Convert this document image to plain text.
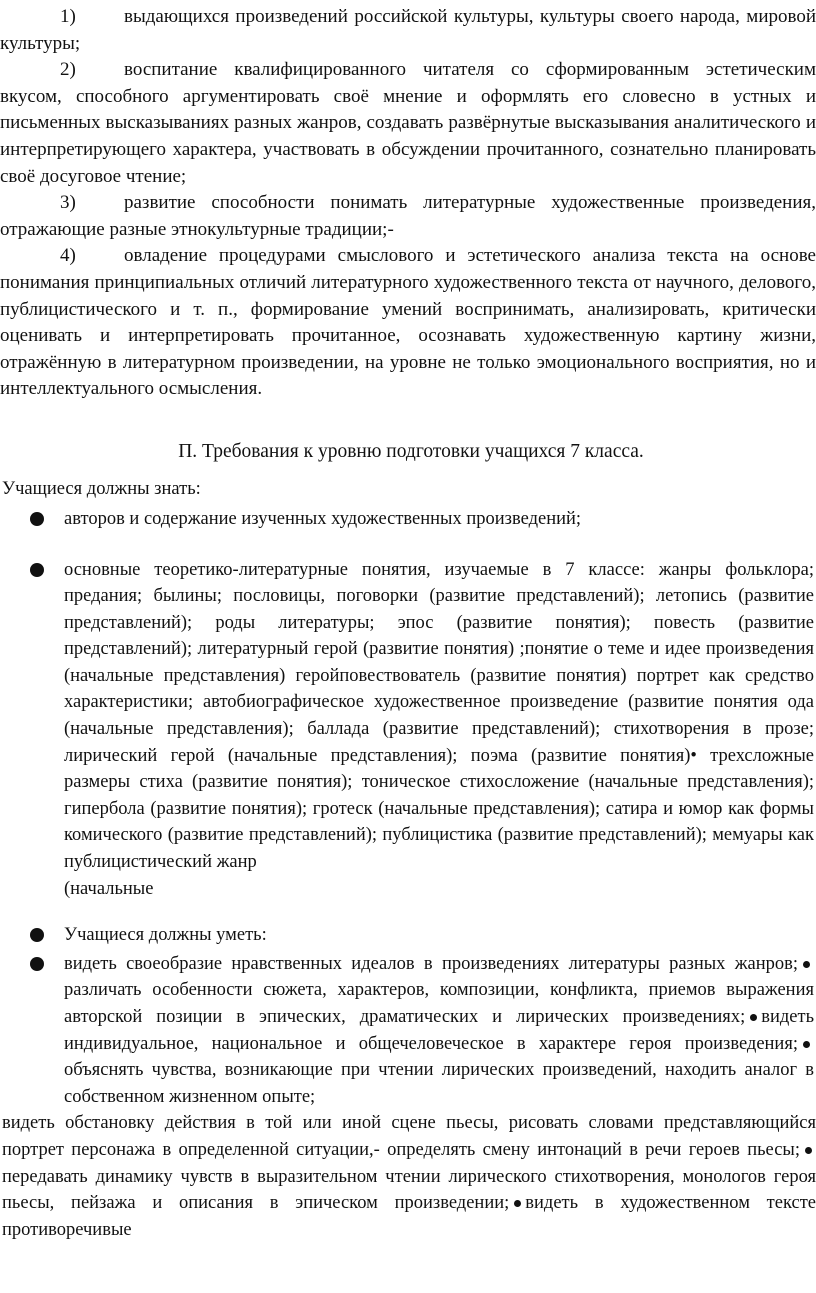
1)	выдающихся произведений российской культуры, культуры своего народа, мировой культуры;

2)	воспитание квалифицированного читателя со сформированным эстетическим вкусом, способного аргументировать своё мнение и оформлять его словесно в устных и письменных высказываниях разных жанров, создавать развёрнутые высказывания аналитического и интерпретирующего характера, участвовать в обсуждении прочитанного, сознательно планировать своё досуговое чтение;

3)	развитие способности понимать литературные художественные произведения, отражающие разные этнокультурные традиции;-

4)	овладение процедурами смыслового и эстетического анализа текста на основе понимания принципиальных отличий литературного художественного текста от научного, делового, публицистического и т. п., формирование умений воспринимать, анализировать, критически оценивать и интерпретировать прочитанное, осознавать художественную картину жизни, отражённую в литературном произведении, на уровне не только эмоционального восприятия, но и интеллектуального осмысления.

П. Требования к уровню подготовки учащихся 7 класса.
Учащиеся должны знать:

авторов и содержание изученных художественных произведений;

основные теоретико-литературные понятия, изучаемые в 7 классе: жанры фольклора; предания; былины; пословицы, поговорки (развитие представлений); летопись (развитие представлений); роды литературы; эпос (развитие понятия); повесть (развитие представлений); литературный герой (развитие понятия) ;понятие о теме и идее произведения (начальные представления) геройповествователь (развитие понятия) портрет как средство характеристики; автобиографическое художественное произведение (развитие понятия ода (начальные представления); баллада (развитие представлений); стихотворения в прозе; лирический герой (начальные представления); поэма (развитие понятия)• трехсложные размеры стиха (развитие понятия); тоническое стихосложение (начальные представления); гипербола (развитие понятия); гротеск (начальные представления); сатира и юмор как формы комического (развитие представлений); публицистика (развитие представлений); мемуары как публицистический жанр
(начальные

Учащиеся должны уметь:

видеть своеобразие нравственных идеалов в произведениях литературы разных жанров;различать особенности сюжета, характеров, композиции, конфликта, приемов выражения авторской позиции в эпических, драматических и лирических произведениях; видеть индивидуальное, национальное и общечеловеческое в характере героя произведения;объяснять чувства, возникающие при чтении лирических произведений, находить аналог в собственном жизненном опыте;

видеть обстановку действия в той или иной сцене пьесы, рисовать словами представляющийся портрет персонажа в определенной ситуации,- определять смену интонаций в речи героев пьесы;передавать динамику чувств в выразительном чтении лирического стихотворения, монологов героя пьесы, пейзажа и описания в эпическом произведении; видеть в художественном тексте противоречивые
